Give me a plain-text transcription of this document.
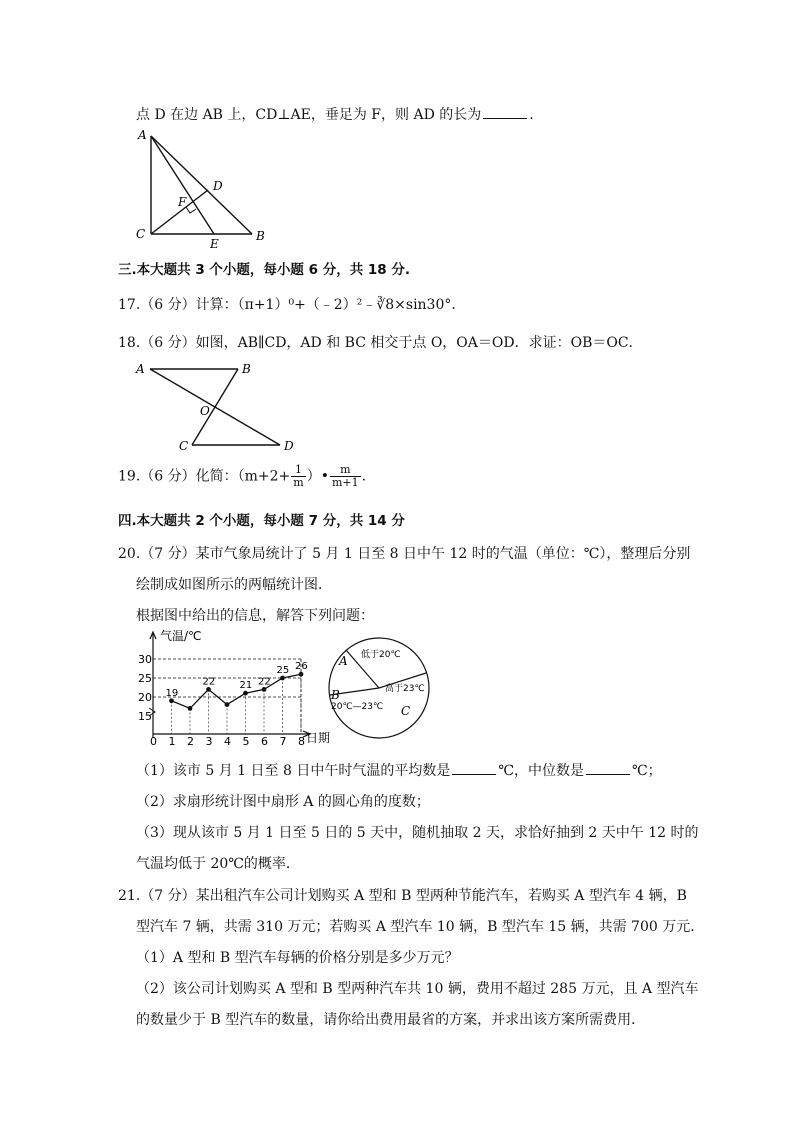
点 D 在边 AB 上，CD⊥AE，垂足为 F，则 AD 的长为	.
A
B
C
D
E
F
三.本大题共 3 个小题，每小题 6 分，共 18 分.
17.（6 分）计算：（π+1）⁰+（﹣2）²﹣∛8×sin30°．
18.（6 分）如图，AB∥CD，AD 和 BC 相交于点 O，OA＝OD．求证：OB＝OC．
A	B
C	D
O
19.（6 分）化简：（$m+2+ \frac{1}{m}$ ）• $\frac{m}{m+1}$ .
四.本大题共 2 个小题，每小题 7 分，共 14 分
20.（7 分）某市气象局统计了 5 月 1 日至 8 日中午 12 时的气温（单位：℃），整理后分别
绘制成如图所示的两幅统计图．
根据图中给出的信息，解答下列问题：
15
20
25
30
0 1 2 3 4 5 6 7 8
19
22 21 22
25 26
气温/℃
日期
A
B
C
低于20℃
20℃—23℃
高于23℃
（1）该市 5 月 1 日至 8 日中午时气温的平均数是	℃，中位数是	℃；
（2）求扇形统计图中扇形 A 的圆心角的度数；
（3）现从该市 5 月 1 日至 5 日的 5 天中，随机抽取 2 天，求恰好抽到 2 天中午 12 时的
气温均低于 20℃的概率．
21.（7 分）某出租汽车公司计划购买 A 型和 B 型两种节能汽车，若购买 A 型汽车 4 辆，B
型汽车 7 辆，共需 310 万元；若购买 A 型汽车 10 辆，B 型汽车 15 辆，共需 700 万元．
（1）A 型和 B 型汽车每辆的价格分别是多少万元？
（2）该公司计划购买 A 型和 B 型两种汽车共 10 辆，费用不超过 285 万元，且 A 型汽车
的数量少于 B 型汽车的数量，请你给出费用最省的方案，并求出该方案所需费用．
